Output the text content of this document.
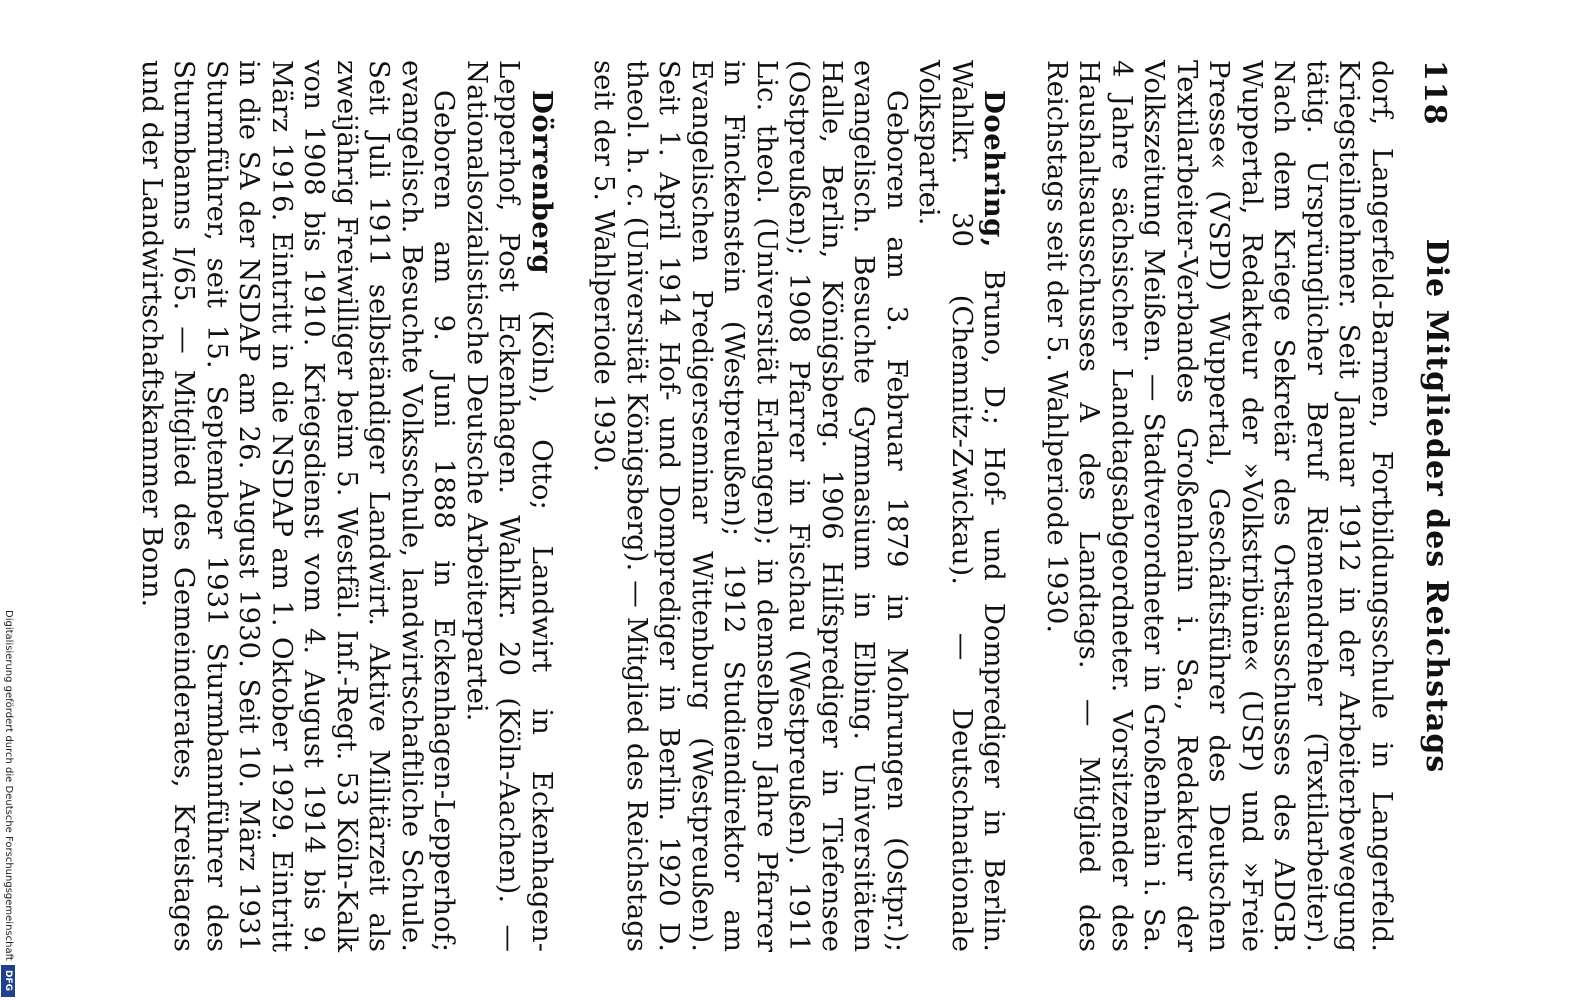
118
Die Mitglieder des Reichstags

dorf, Langerfeld-Barmen, Fortbildungsschule in Langerfeld. Kriegsteilnehmer. Seit Januar 1912 in der Arbeiterbewegung tätig. Ursprünglicher Beruf Riemendreher (Textilarbeiter). Nach dem Kriege Sekretär des Ortsausschusses des ADGB. Wuppertal, Redakteur der »Volkstribüne« (USP) und »Freie Presse« (VSPD) Wuppertal, Geschäftsführer des Deutschen Textilarbeiter-Verbandes Großenhain i. Sa., Redakteur der Volkszeitung Meißen. — Stadtverordneter in Großenhain i. Sa. 4 Jahre sächsischer Landtagsabgeordneter. Vorsitzender des Haushaltsausschusses A des Landtags. — Mitglied des Reichstags seit der 5. Wahlperiode 1930.

Doehring, Bruno, D.; Hof- und Domprediger in Berlin. Wahlkr. 30 (Chemnitz-Zwickau). — Deutschnationale Volkspartei.

Geboren am 3. Februar 1879 in Mohrungen (Ostpr.); evangelisch. Besuchte Gymnasium in Elbing. Universitäten Halle, Berlin, Königsberg. 1906 Hilfsprediger in Tiefensee (Ostpreußen); 1908 Pfarrer in Fischau (Westpreußen). 1911 Lic. theol. (Universität Erlangen); in demselben Jahre Pfarrer in Finckenstein (Westpreußen); 1912 Studiendirektor am Evangelischen Predigerseminar Wittenburg (Westpreußen). Seit 1. April 1914 Hof- und Domprediger in Berlin. 1920 D. theol. h. c. (Universität Königsberg). — Mitglied des Reichstags seit der 5. Wahlperiode 1930.

Dörrenberg (Köln), Otto; Landwirt in Eckenhagen-Lepperhof, Post Eckenhagen. Wahlkr. 20 (Köln-Aachen). — Nationalsozialistische Deutsche Arbeiterpartei.

Geboren am 9. Juni 1888 in Eckenhagen-Lepperhof; evangelisch. Besuchte Volksschule, landwirtschaftliche Schule. Seit Juli 1911 selbständiger Landwirt. Aktive Militärzeit als zweijährig Freiwilliger beim 5. Westfäl. Inf.-Regt. 53 Köln-Kalk von 1908 bis 1910. Kriegsdienst vom 4. August 1914 bis 9. März 1916. Eintritt in die NSDAP am 1. Oktober 1929. Eintritt in die SA der NSDAP am 26. August 1930. Seit 10. März 1931 Sturmführer, seit 15. September 1931 Sturmbannführer des Sturmbanns I/65. — Mitglied des Gemeinderates, Kreistages und der Landwirtschaftskammer Bonn.

Digitalisierung gefördert durch die Deutsche Forschungsgemeinschaft
DFG
